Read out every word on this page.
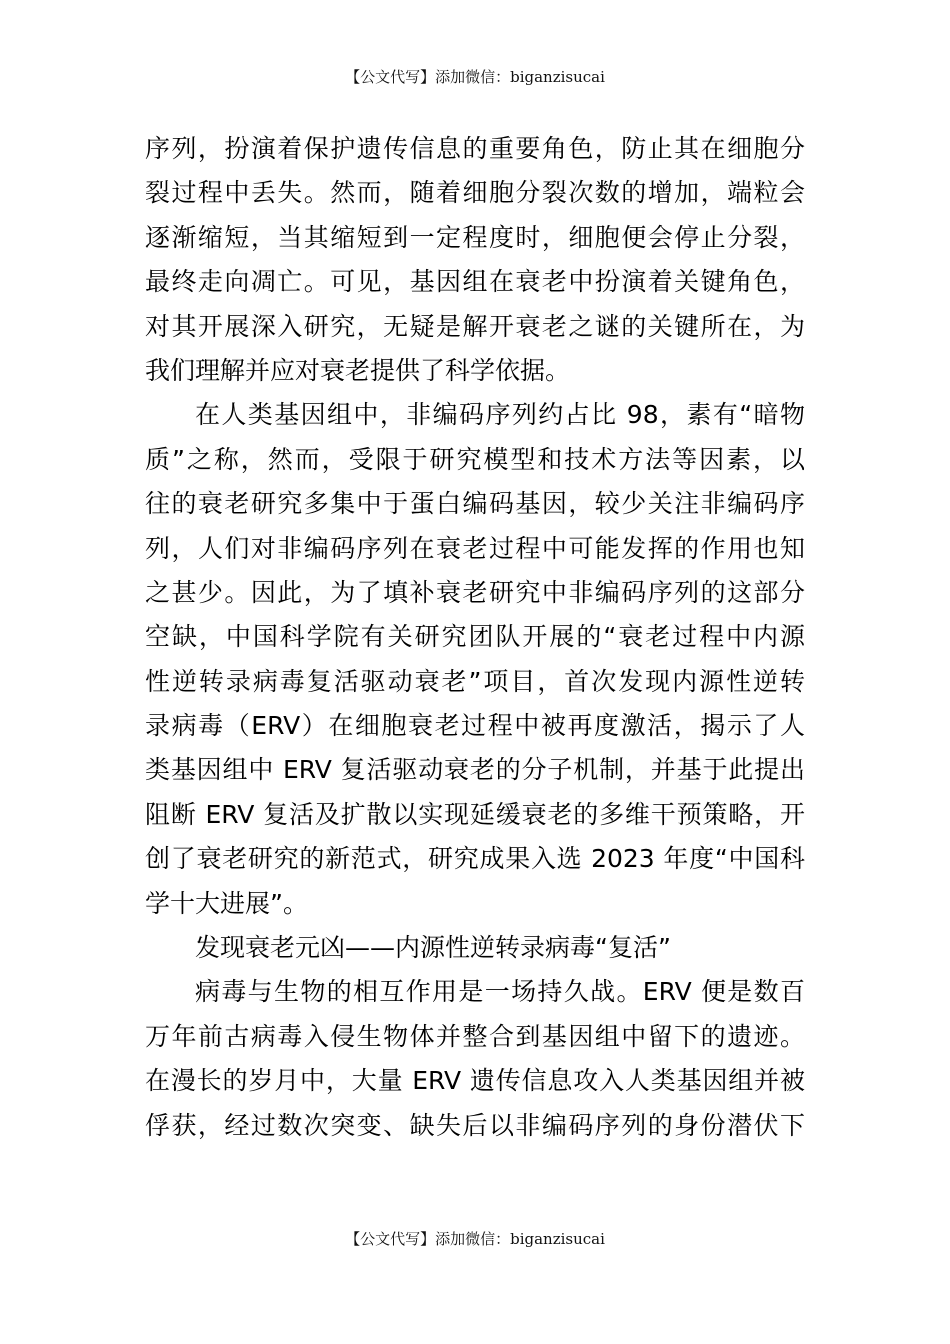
【公文代写】添加微信：biganzisucai
序列，扮演着保护遗传信息的重要角色，防止其在细胞分
裂过程中丢失。然而，随着细胞分裂次数的增加，端粒会
逐渐缩短，当其缩短到一定程度时，细胞便会停止分裂，
最终走向凋亡。可见，基因组在衰老中扮演着关键角色，
对其开展深入研究，无疑是解开衰老之谜的关键所在，为
我们理解并应对衰老提供了科学依据。
在人类基因组中，非编码序列约占比 98，素有“暗物
质”之称，然而，受限于研究模型和技术方法等因素，以
往的衰老研究多集中于蛋白编码基因，较少关注非编码序
列，人们对非编码序列在衰老过程中可能发挥的作用也知
之甚少。因此，为了填补衰老研究中非编码序列的这部分
空缺，中国科学院有关研究团队开展的“衰老过程中内源
性逆转录病毒复活驱动衰老”项目，首次发现内源性逆转
录病毒（ERV）在细胞衰老过程中被再度激活，揭示了人
类基因组中 ERV 复活驱动衰老的分子机制，并基于此提出
阻断 ERV 复活及扩散以实现延缓衰老的多维干预策略，开
创了衰老研究的新范式，研究成果入选 2023 年度“中国科
学十大进展”。
发现衰老元凶——内源性逆转录病毒“复活”
病毒与生物的相互作用是一场持久战。ERV 便是数百
万年前古病毒入侵生物体并整合到基因组中留下的遗迹。
在漫长的岁月中，大量 ERV 遗传信息攻入人类基因组并被
俘获，经过数次突变、缺失后以非编码序列的身份潜伏下
【公文代写】添加微信：biganzisucai
